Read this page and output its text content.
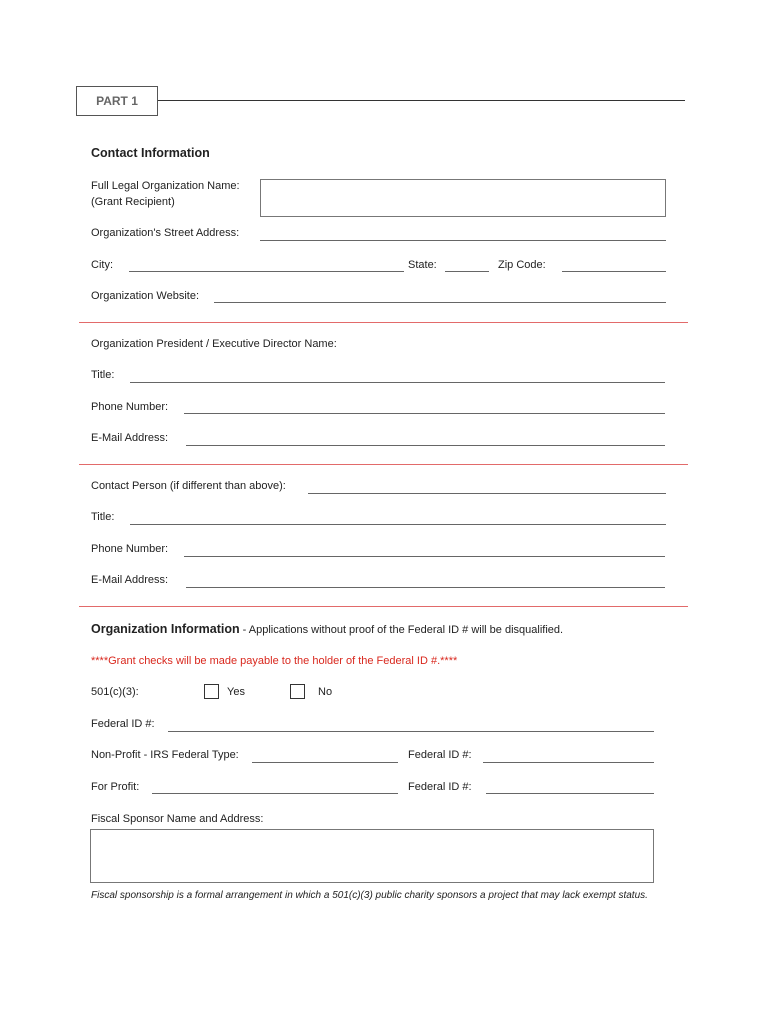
PART 1
Contact Information
Full Legal Organization Name:
(Grant Recipient)
Organization's Street Address:
City:	State:	Zip Code:
Organization Website:
Organization President / Executive Director Name:
Title:
Phone Number:
E-Mail Address:
Contact Person (if different than above):
Title:
Phone Number:
E-Mail Address:
Organization Information - Applications without proof of the Federal ID # will be disqualified.
****Grant checks will be made payable to the holder of the Federal ID #.****
501(c)(3):	Yes	No
Federal ID #:
Non-Profit - IRS Federal Type:	Federal ID #:
For Profit:	Federal ID #:
Fiscal Sponsor Name and Address:
Fiscal sponsorship is a formal arrangement in which a 501(c)(3) public charity sponsors a project that may lack exempt status.
